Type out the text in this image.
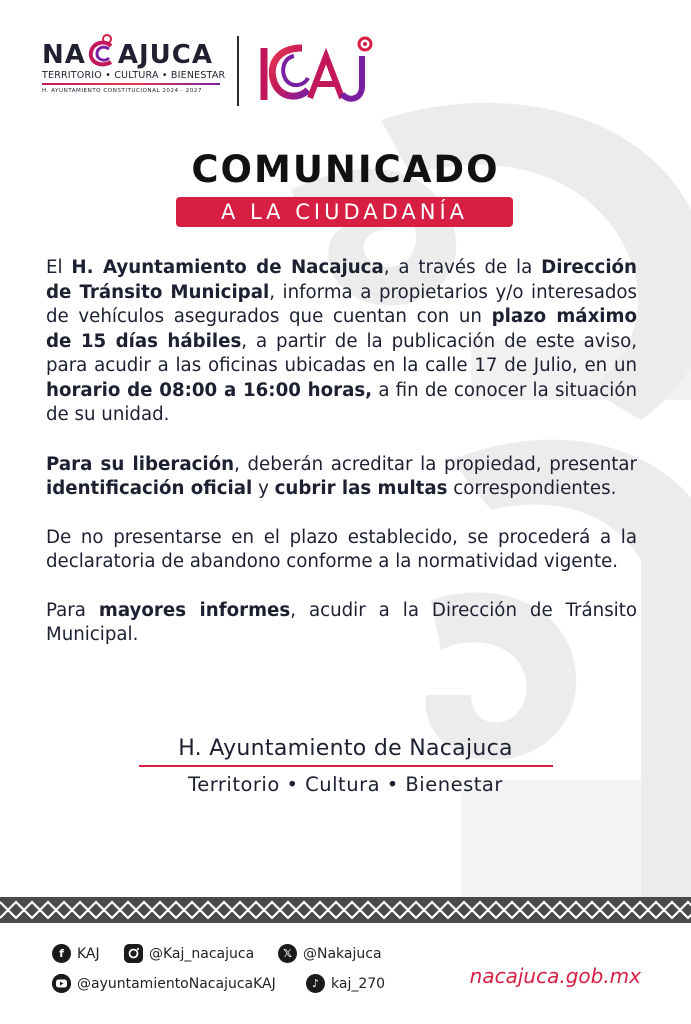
NA AJUCA
TERRITORIO • CULTURA • BIENESTAR
H. AYUNTAMIENTO CONSTITUCIONAL 2024 - 2027
COMUNICADO
A LA CIUDADANÍA

El H. Ayuntamiento de Nacajuca, a través de la Dirección de Tránsito Municipal, informa a propietarios y/o interesados de vehículos asegurados que cuentan con un plazo máximo de 15 días hábiles, a partir de la publicación de este aviso, para acudir a las oficinas ubicadas en la calle 17 de Julio, en un horario de 08:00 a 16:00 horas, a fin de conocer la situación de su unidad.

Para su liberación, deberán acreditar la propiedad, presentar identificación oficial y cubrir las multas correspondientes.

De no presentarse en el plazo establecido, se procederá a la declaratoria de abandono conforme a la normatividad vigente.

Para mayores informes, acudir a la Dirección de Tránsito Municipal.

H. Ayuntamiento de Nacajuca
Territorio • Cultura • Bienestar
f KAJ	@Kaj_nacajuca	𝕏 @Nakajuca
@ayuntamientoNacajucaKAJ	♪ kaj_270	nacajuca.gob.mx
